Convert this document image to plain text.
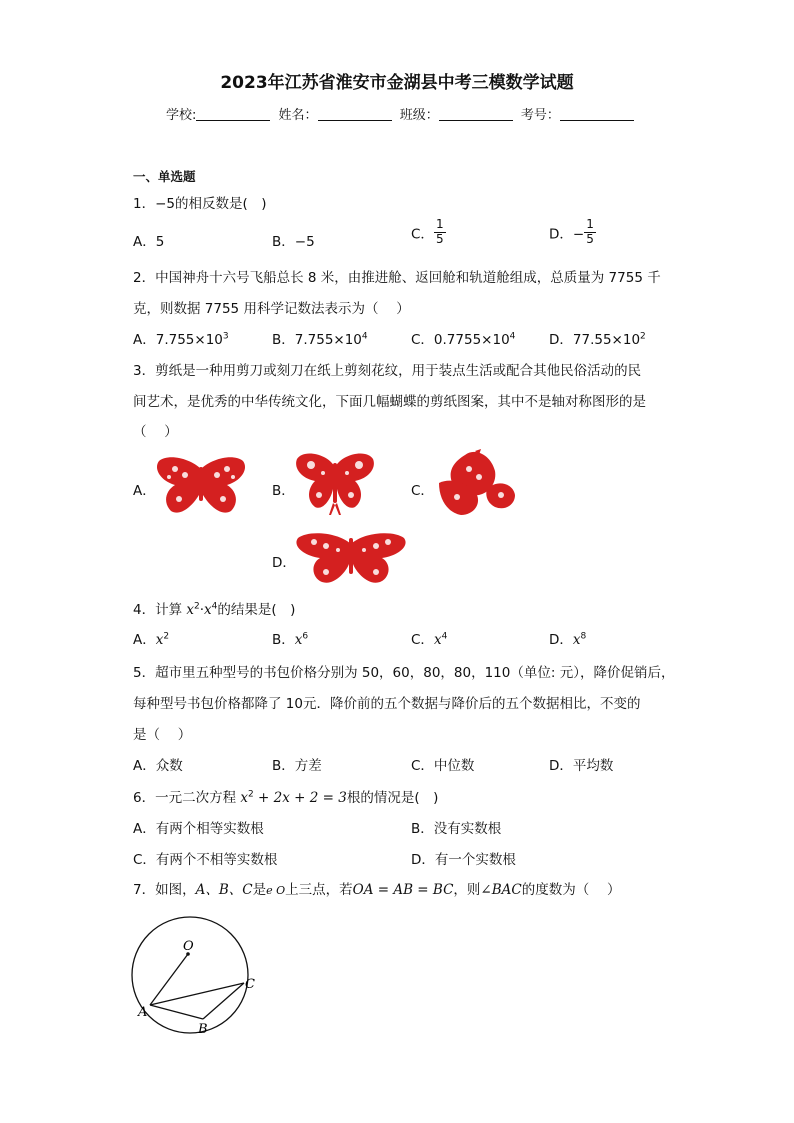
2023年江苏省淮安市金湖县中考三模数学试题
学校:	姓名：	班级：	考号：
一、单选题
1．−5的相反数是(　)
A．5	B．−5	C． $\frac{1}{5}$	D．− $\frac{1}{5}$
2．中国神舟十六号飞船总长 8 米，由推进舱、返回舱和轨道舱组成，总质量为 7755 千
克，则数据 7755 用科学记数法表示为（　 ）
A．$7.755\times 10^3$	B．$7.755\times 10^4$	C．$0.7755\times 10^4$ D．$77.55\times 10^2$
3．剪纸是一种用剪刀或刻刀在纸上剪刻花纹，用于装点生活或配合其他民俗活动的民
间艺术，是优秀的中华传统文化，下面几幅蝴蝶的剪纸图案，其中不是轴对称图形的是
（　 ）
A．	B．	C．
D．
4．计算 $x^2\cdot x^4$的结果是(　)
A．$x^2$	B．$x^6$	C．$x^4$	D．$x^8$
5．超市里五种型号的书包价格分别为 50，60，80，80，110（单位: 元），降价促销后，
每种型号书包价格都降了 10元．降价前的五个数据与降价后的五个数据相比，不变的
是（　 ）
A．众数	B．方差	C．中位数	D．平均数
6．一元二次方程 $x^2 + 2x + 2 = 3$根的情况是(　)
A．有两个相等实数根	B．没有实数根
C．有两个不相等实数根	D．有一个实数根
7．如图，A、B、C是e O上三点，若OA = AB = BC，则∠BAC的度数为（　 ）
O
A
B
C
